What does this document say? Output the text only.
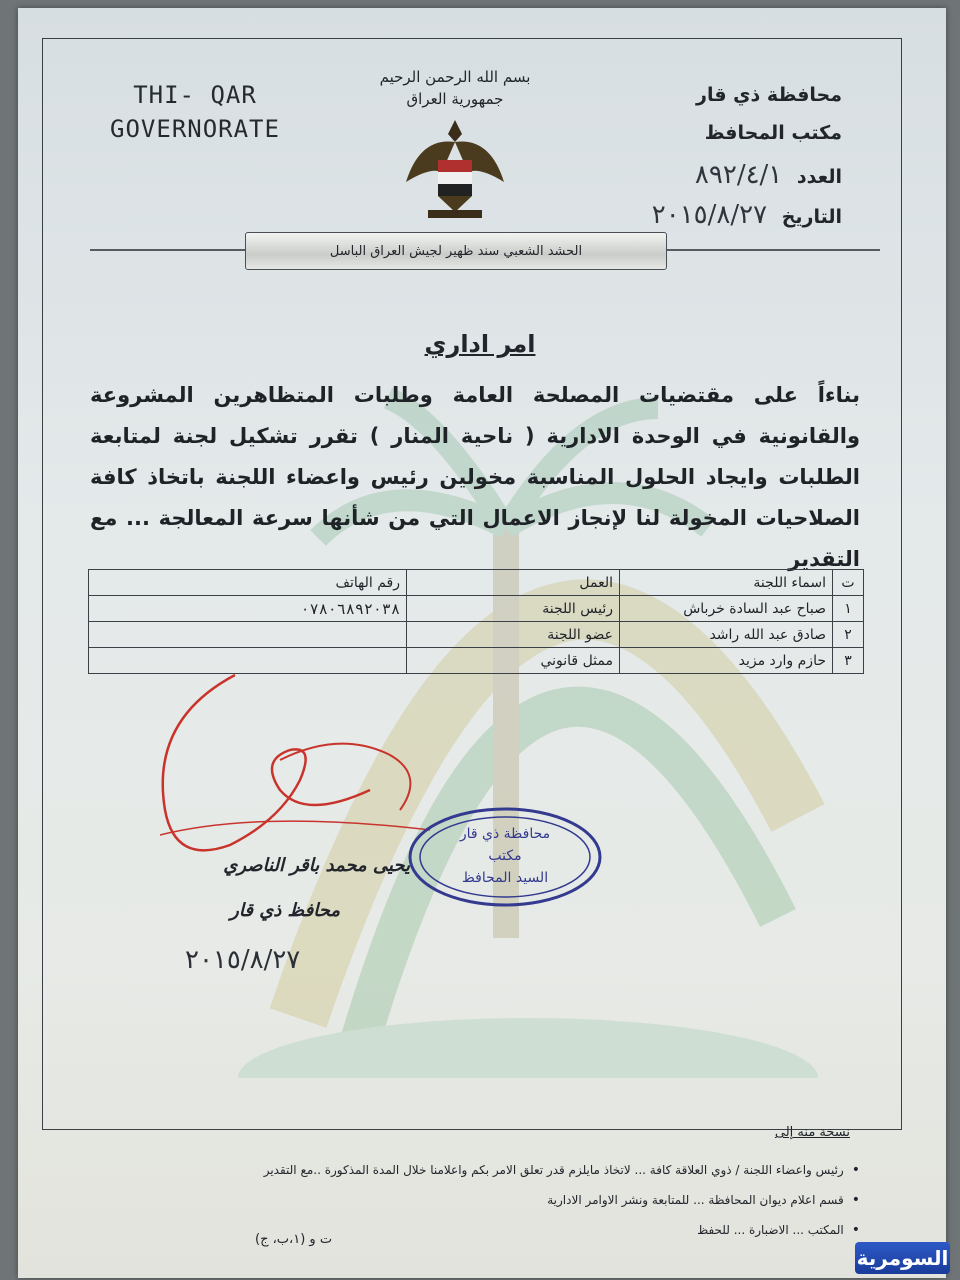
THI- QAR
GOVERNORATE
بسم الله الرحمن الرحيم
جمهورية العراق	محافظة ذي قار
مكتب المحافظ
العدد ٨٩٢/٤/١
التاريخ ٢٠١٥/٨/٢٧
الحشد الشعبي سند ظهير لجيش العراق الباسل
امر اداري
بناءاً على مقتضيات المصلحة العامة وطلبات المتظاهرين المشروعة والقانونية في الوحدة الادارية ( ناحية المنار ) تقرر تشكيل لجنة لمتابعة الطلبات وايجاد الحلول المناسبة مخولين رئيس واعضاء اللجنة باتخاذ كافة الصلاحيات المخولة لنا لإنجاز الاعمال التي من شأنها سرعة المعالجة ... مع التقدير
ت	اسماء اللجنة	العمل	رقم الهاتف
١	صباح عبد السادة خرباش	رئيس اللجنة	٠٧٨٠٦٨٩٢٠٣٨
٢	صادق عبد الله راشد	عضو اللجنة	
٣	حازم وارد مزيد	ممثل قانوني	
محافظة ذي قار
مكتب
السيد المحافظ
يحيى محمد باقر الناصري
محافظ ذي قار
٢٠١٥/٨/٢٧
نسخة منه إلى
• رئيس واعضاء اللجنة / ذوي العلاقة كافة ... لاتخاذ مايلزم قدر تعلق الامر بكم واعلامنا خلال المدة المذكورة ..مع التقدير
• قسم اعلام ديوان المحافظة ... للمتابعة ونشر الاوامر الادارية
• المكتب ... الاضبارة ... للحفظ
ت و (١،ب، ج)
السومرية
